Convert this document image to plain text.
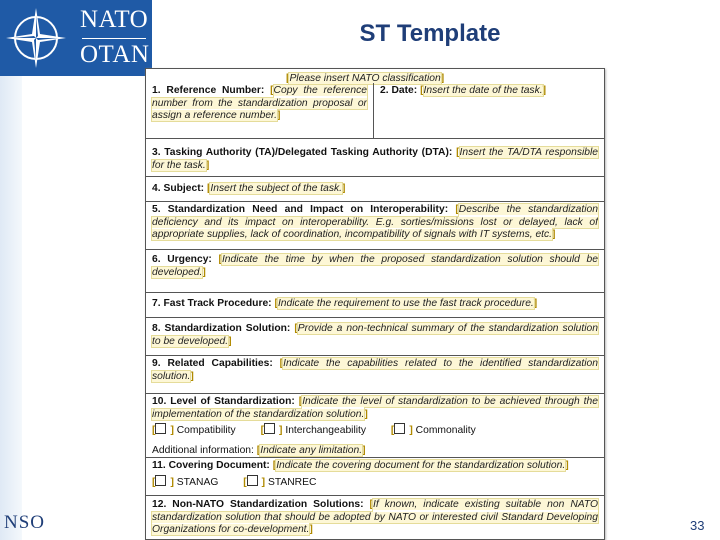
NATO
OTAN
ST Template
[Please insert NATO classification]
1. Reference Number: [Copy the reference number from the standardization proposal or assign a reference number.]
2. Date: [Insert the date of the task.]
3. Tasking Authority (TA)/Delegated Tasking Authority (DTA): [Insert the TA/DTA responsible for the task.]
4. Subject: [Insert the subject of the task.]
5. Standardization Need and Impact on Interoperability: [Describe the standardization deficiency and its impact on interoperability. E.g. sorties/missions lost or delayed, lack of appropriate supplies, lack of coordination, incompatibility of signals with IT systems, etc.]
6. Urgency: [Indicate the time by when the proposed standardization solution should be developed.]
7. Fast Track Procedure: [Indicate the requirement to use the fast track procedure.]
8. Standardization Solution: [Provide a non-technical summary of the standardization solution to be developed.]
9. Related Capabilities: [Indicate the capabilities related to the identified standardization solution.]
10. Level of Standardization: [Indicate the level of standardization to be achieved through the implementation of the standardization solution.]
[ ] Compatibility [ ] Interchangeability [ ] Commonality
Additional information: [Indicate any limitation.]
11. Covering Document: [Indicate the covering document for the standardization solution.]
[ ] STANAG [ ] STANREC
12. Non-NATO Standardization Solutions: [If known, indicate existing suitable non NATO standardization solution that should be adopted by NATO or interested civil Standard Developing Organizations for co-development.]
NSO	33
